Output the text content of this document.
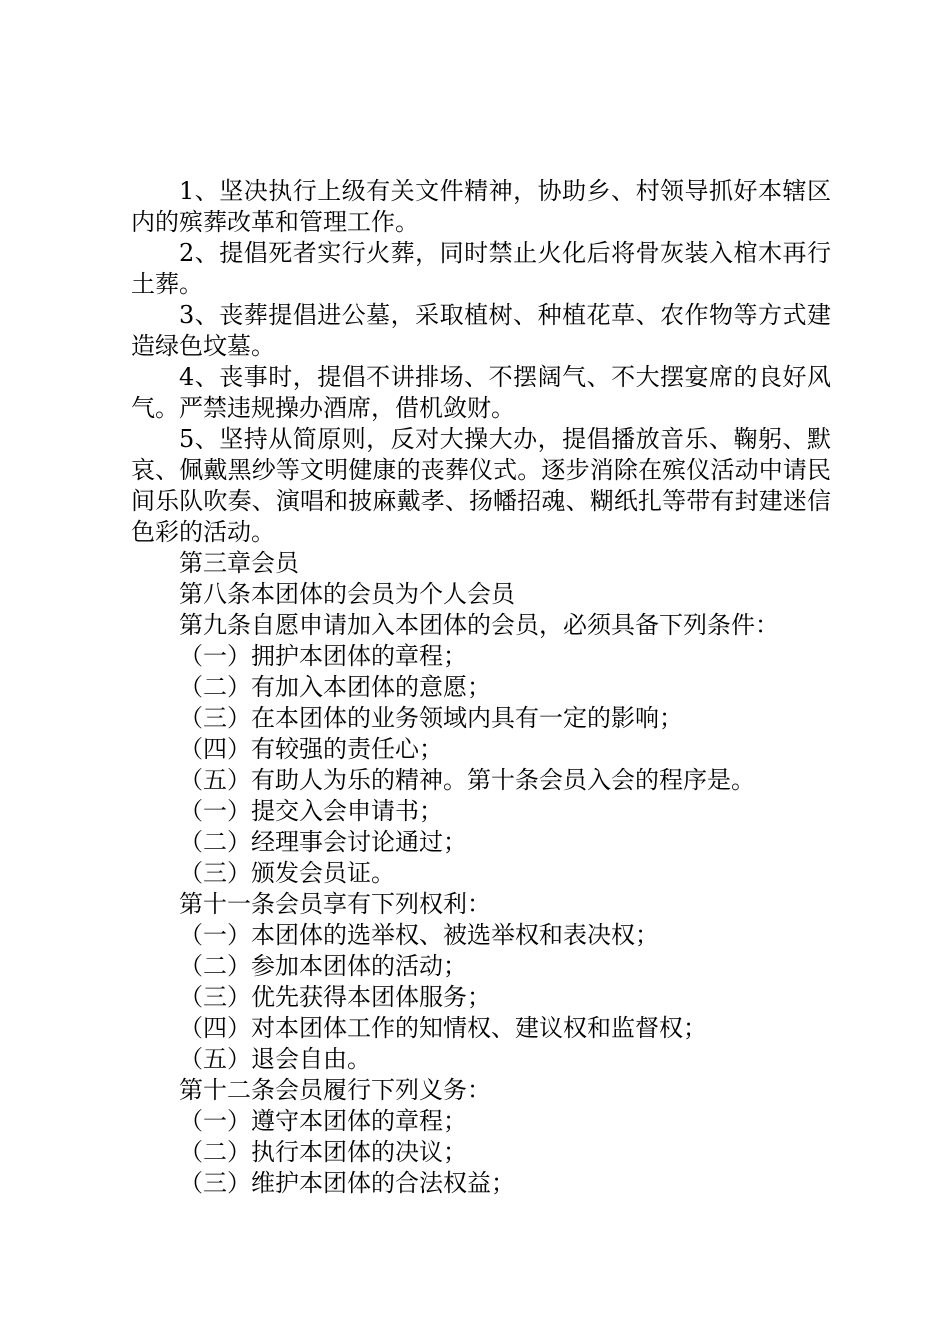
1、坚决执行上级有关文件精神，协助乡、村领导抓好本辖区内的殡葬改革和管理工作。

2、提倡死者实行火葬，同时禁止火化后将骨灰装入棺木再行土葬。

3、丧葬提倡进公墓，采取植树、种植花草、农作物等方式建造绿色坟墓。

4、丧事时，提倡不讲排场、不摆阔气、不大摆宴席的良好风气。严禁违规操办酒席，借机敛财。

5、坚持从简原则，反对大操大办，提倡播放音乐、鞠躬、默哀、佩戴黑纱等文明健康的丧葬仪式。逐步消除在殡仪活动中请民间乐队吹奏、演唱和披麻戴孝、扬幡招魂、糊纸扎等带有封建迷信色彩的活动。

第三章会员

第八条本团体的会员为个人会员

第九条自愿申请加入本团体的会员，必须具备下列条件：

（一）拥护本团体的章程；

（二）有加入本团体的意愿；

（三）在本团体的业务领域内具有一定的影响；

（四）有较强的责任心；

（五）有助人为乐的精神。第十条会员入会的程序是。

（一）提交入会申请书；

（二）经理事会讨论通过；

（三）颁发会员证。

第十一条会员享有下列权利：

（一）本团体的选举权、被选举权和表决权；

（二）参加本团体的活动；

（三）优先获得本团体服务；

（四）对本团体工作的知情权、建议权和监督权；

（五）退会自由。

第十二条会员履行下列义务：

（一）遵守本团体的章程；

（二）执行本团体的决议；

（三）维护本团体的合法权益；
